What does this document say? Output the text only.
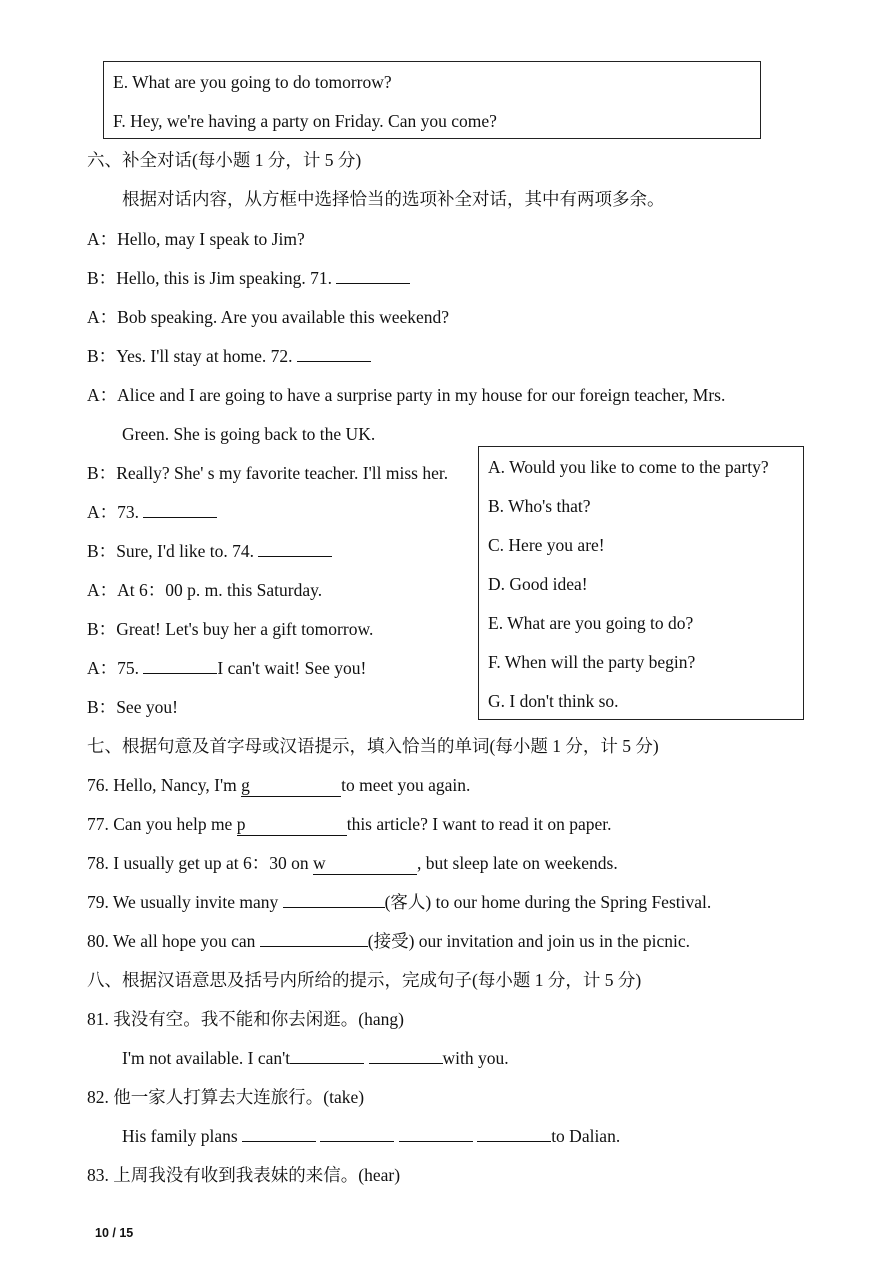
E. What are you going to do tomorrow?
F. Hey, we're having a party on Friday. Can you come?
六、补全对话(每小题 1 分，计 5 分)
根据对话内容，从方框中选择恰当的选项补全对话，其中有两项多余。
A：Hello, may I speak to Jim?
B：Hello, this is Jim speaking. 71.
A：Bob speaking. Are you available this weekend?
B：Yes. I'll stay at home. 72.
A：Alice and I are going to have a surprise party in my house for our foreign teacher, Mrs.
Green. She is going back to the UK.
B：Really? She' s my favorite teacher. I'll miss her.
A：73.
B：Sure, I'd like to. 74.
A：At 6：00 p. m. this Saturday.
B：Great! Let's buy her a gift tomorrow.
A：75.	I can't wait! See you!
B：See you!
A. Would you like to come to the party?
B. Who's that?
C. Here you are!
D. Good idea!
E. What are you going to do?
F. When will the party begin?
G. I don't think so.
七、根据句意及首字母或汉语提示，填入恰当的单词(每小题 1 分，计 5 分)
76. Hello, Nancy, I'm g	to meet you again.
77. Can you help me p	this article? I want to read it on paper.
78. I usually get up at 6：30 on w	, but sleep late on weekends.
79. We usually invite many	(客人) to our home during the Spring Festival.
80. We all hope you can	(接受) our invitation and join us in the picnic.
八、根据汉语意思及括号内所给的提示，完成句子(每小题 1 分，计 5 分)
81. 我没有空。我不能和你去闲逛。(hang)
I'm not available. I can't	with you.
82. 他一家人打算去大连旅行。(take)
His family plans	to Dalian.
83. 上周我没有收到我表妹的来信。(hear)
10 / 15
